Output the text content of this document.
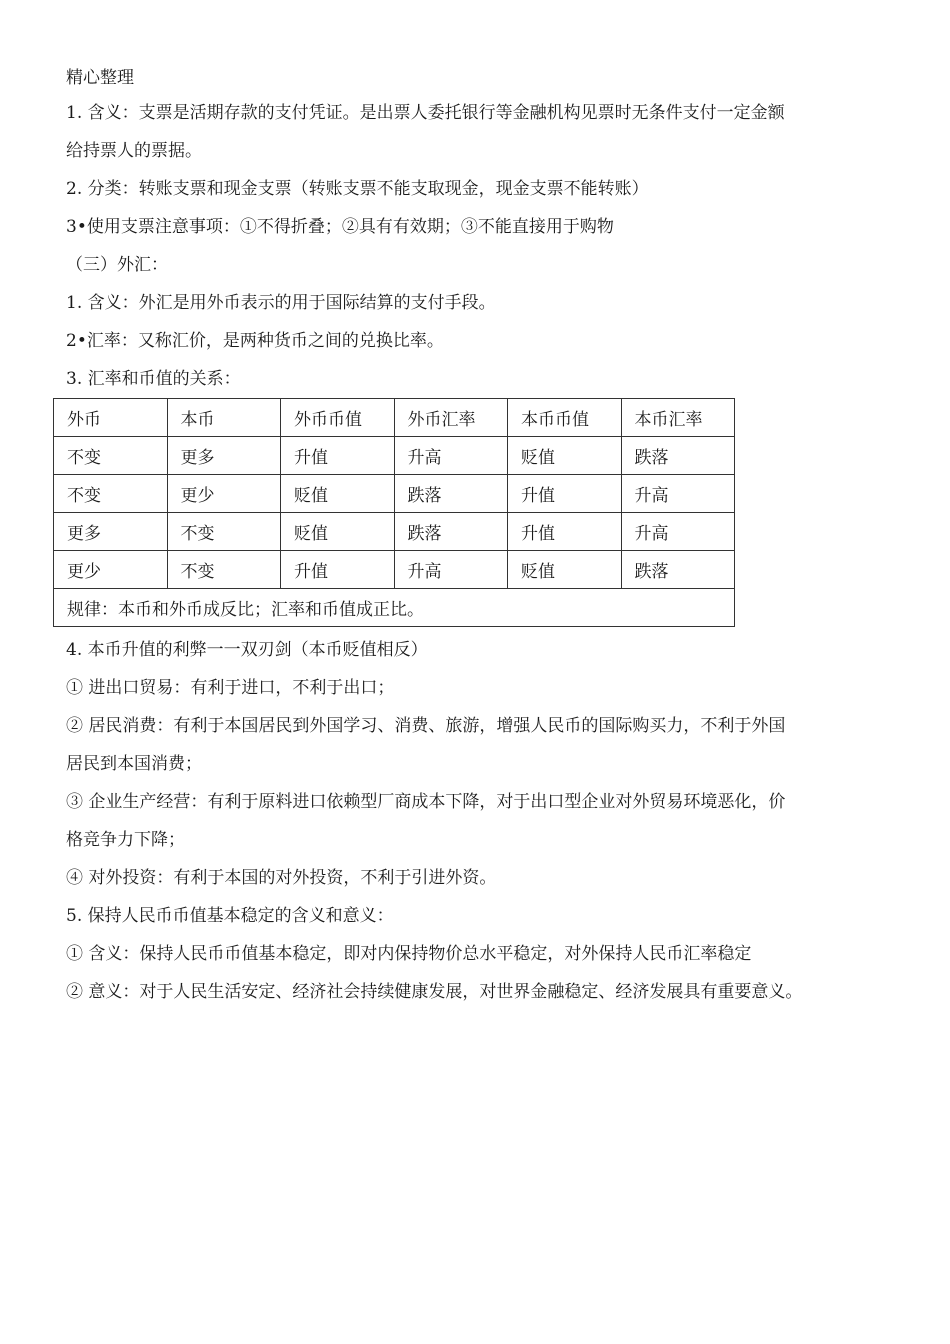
精心整理
1. 含义：支票是活期存款的支付凭证。是出票人委托银行等金融机构见票时无条件支付一定金额
给持票人的票据。
2. 分类：转账支票和现金支票（转账支票不能支取现金，现金支票不能转账）
3•使用支票注意事项：①不得折叠；②具有有效期；③不能直接用于购物
（三）外汇：
1. 含义：外汇是用外币表示的用于国际结算的支付手段。
2•汇率：又称汇价，是两种货币之间的兑换比率。
3. 汇率和币值的关系：
外币	本币	外币币值	外币汇率	本币币值	本币汇率
不变	更多	升值	升高	贬值	跌落
不变	更少	贬值	跌落	升值	升高
更多	不变	贬值	跌落	升值	升高
更少	不变	升值	升高	贬值	跌落
规律：本币和外币成反比；汇率和币值成正比。					
4. 本币升值的利弊一一双刃剑（本币贬值相反）
① 进出口贸易：有利于进口，不利于出口；
② 居民消费：有利于本国居民到外国学习、消费、旅游，增强人民币的国际购买力，不利于外国
居民到本国消费；
③ 企业生产经营：有利于原料进口依赖型厂商成本下降，对于出口型企业对外贸易环境恶化，价
格竞争力下降；
④ 对外投资：有利于本国的对外投资，不利于引进外资。
5. 保持人民币币值基本稳定的含义和意义：
① 含义：保持人民币币值基本稳定，即对内保持物价总水平稳定，对外保持人民币汇率稳定
② 意义：对于人民生活安定、经济社会持续健康发展，对世界金融稳定、经济发展具有重要意义。
